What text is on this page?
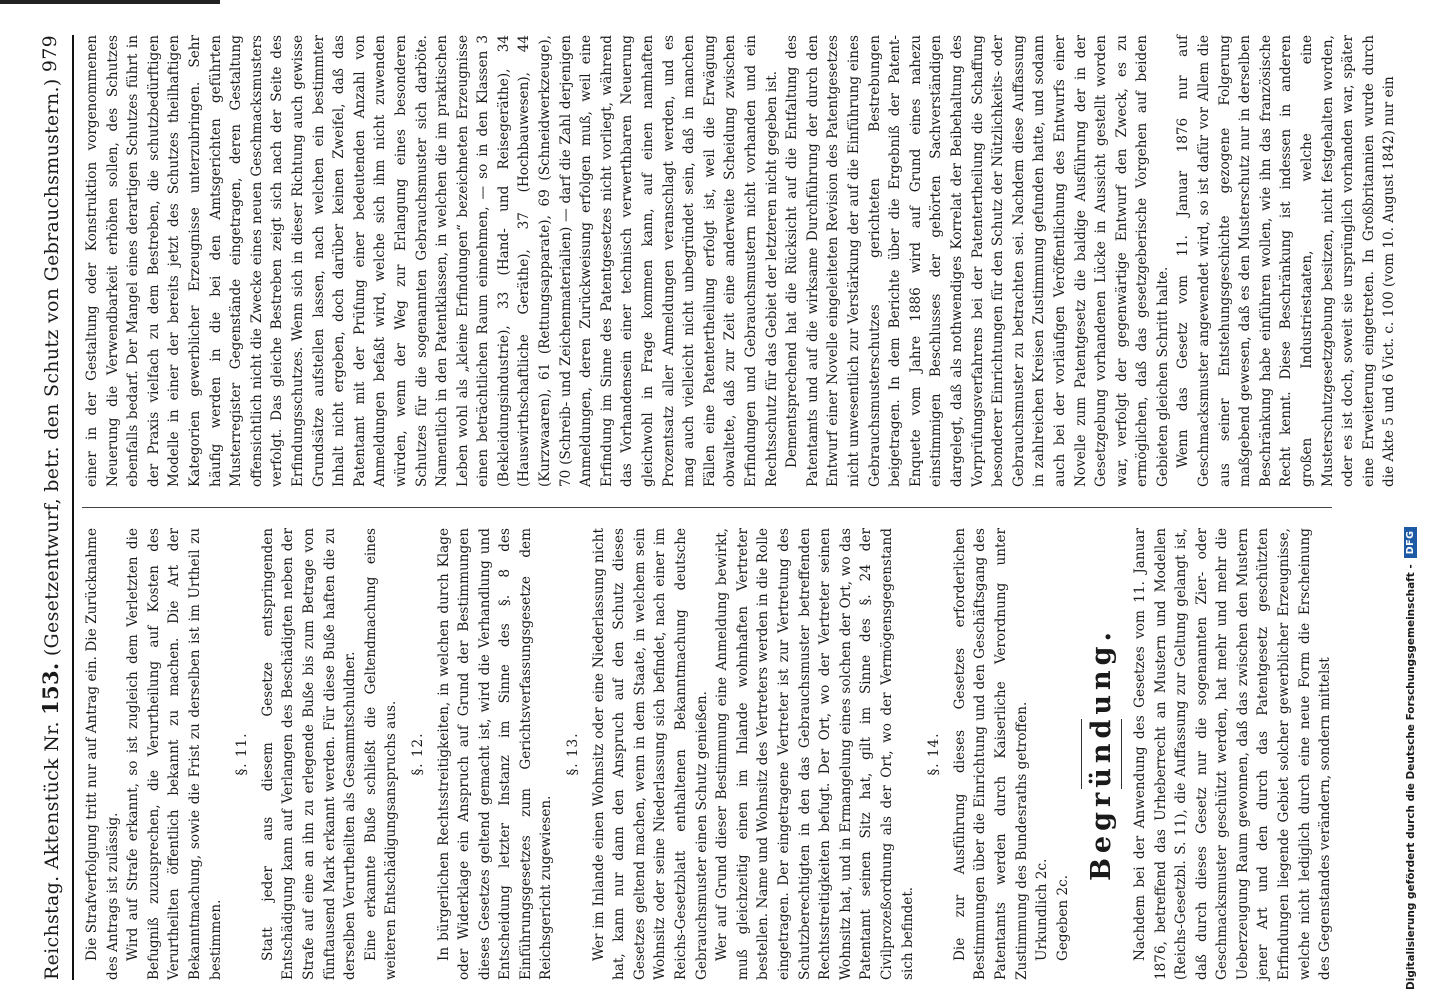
Reichstag. Aktenstück Nr. 153. (Gesetzentwurf, betr. den Schutz von Gebrauchsmustern.)
979

Die Strafverfolgung tritt nur auf Antrag ein. Die Zurücknahme des Antrags ist zulässig. Wird auf Strafe erkannt, so ist zugleich dem Verletzten die Befugniß zuzusprechen, die Verurtheilung auf Kosten des Verurtheilten öffentlich bekannt zu machen. Die Art der Bekanntmachung, sowie die Frist zu derselben ist im Urtheil zu bestimmen.

§. 11. Statt jeder aus diesem Gesetze entspringenden Entschädigung kann auf Verlangen des Beschädigten neben der Strafe auf eine an ihn zu erlegende Buße bis zum Betrage von fünftausend Mark erkannt werden. Für diese Buße haften die zu derselben Verurtheilten als Gesammtschuldner. Eine erkannte Buße schließt die Geltendmachung eines weiteren Entschädigungsanspruchs aus. §. 12. In bürgerlichen Rechtsstreitigkeiten, in welchen durch Klage oder Widerklage ein Anspruch auf Grund der Bestimmungen dieses Gesetzes geltend gemacht ist, wird die Verhandlung und Entscheidung letzter Instanz im Sinne des §. 8 des Einführungsgesetzes zum Gerichtsverfassungsgesetze dem Reichsgericht zugewiesen.

§. 13. Wer im Inlande einen Wohnsitz oder eine Niederlassung nicht hat, kann nur dann den Anspruch auf den Schutz dieses Gesetzes geltend machen, wenn in dem Staate, in welchem sein Wohnsitz oder seine Niederlassung sich befindet, nach einer im Reichs-Gesetzblatt enthaltenen Bekanntmachung deutsche Gebrauchsmuster einen Schutz genießen. Wer auf Grund dieser Bestimmung eine Anmeldung bewirkt, muß gleichzeitig einen im Inlande wohnhaften Vertreter bestellen. Name und Wohnsitz des Vertreters werden in die Rolle eingetragen. Der eingetragene Vertreter ist zur Vertretung des Schutzberechtigten in den das Gebrauchsmuster betreffenden Rechtsstreitigkeiten befugt. Der Ort, wo der Vertreter seinen Wohnsitz hat, und in Ermangelung eines solchen der Ort, wo das Patentamt seinen Sitz hat, gilt im Sinne des §. 24 der Civilprozeßordnung als der Ort, wo der Vermögensgegenstand sich befindet.

§. 14. Die zur Ausführung dieses Gesetzes erforderlichen Bestimmungen über die Einrichtung und den Geschäftsgang des Patentamts werden durch Kaiserliche Verordnung unter Zustimmung des Bundesraths getroffen. Urkundlich 2c. Gegeben 2c.

Begründung. Nachdem bei der Anwendung des Gesetzes vom 11. Januar 1876, betreffend das Urheberrecht an Mustern und Modellen (Reichs-Gesetzbl. S. 11), die Auffassung zur Geltung gelangt ist, daß durch dieses Gesetz nur die sogenannten Zier- oder Geschmacksmuster geschützt werden, hat mehr und mehr die Ueberzeugung Raum gewonnen, daß das zwischen den Mustern jener Art und den durch das Patentgesetz geschützten Erfindungen liegende Gebiet solcher gewerblicher Erzeugnisse, welche nicht lediglich durch eine neue Form die Erscheinung des Gegenstandes verändern, sondern mittelst

einer in der Gestaltung oder Konstruktion vorgenommenen Neuerung die Verwendbarkeit erhöhen sollen, des Schutzes ebenfalls bedarf. Der Mangel eines derartigen Schutzes führt in der Praxis vielfach zu dem Bestreben, die schutzbedürftigen Modelle in einer der bereits jetzt des Schutzes theilhaftigen Kategorien gewerblicher Erzeugnisse unterzubringen. Sehr häufig werden in die bei den Amtsgerichten geführten Musterregister Gegenstände eingetragen, deren Gestaltung offensichtlich nicht die Zwecke eines neuen Geschmacksmusters verfolgt. Das gleiche Bestreben zeigt sich nach der Seite des Erfindungsschutzes. Wenn sich in dieser Richtung auch gewisse Grundsätze aufstellen lassen, nach welchen ein bestimmter Inhalt nicht ergeben, doch darüber keinen Zweifel, daß das Patentamt mit der Prüfung einer bedeutenden Anzahl von Anmeldungen befaßt wird, welche sich ihm nicht zuwenden würden, wenn der Weg zur Erlangung eines besonderen Schutzes für die sogenannten Gebrauchsmuster sich darböte. Namentlich in den Patentklassen, in welchen die im praktischen Leben wohl als „kleine Erfindungen“ bezeichneten Erzeugnisse einen beträchtlichen Raum einnehmen, — so in den Klassen 3 (Bekleidungsindustrie), 33 (Hand- und Reisegeräthe), 34 (Hauswirthschaftliche Geräthe), 37 (Hochbauwesen), 44 (Kurzwaaren), 61 (Rettungsapparate), 69 (Schneidwerkzeuge), 70 (Schreib- und Zeichenmaterialien) — darf die Zahl derjenigen Anmeldungen, deren Zurückweisung erfolgen muß, weil eine Erfindung im Sinne des Patentgesetzes nicht vorliegt, während das Vorhandensein einer technisch verwerthbaren Neuerung gleichwohl in Frage kommen kann, auf einen namhaften Prozentsatz aller Anmeldungen veranschlagt werden, und es mag auch vielleicht nicht unbegründet sein, daß in manchen Fällen eine Patentertheilung erfolgt ist, weil die Erwägung obwaltete, daß zur Zeit eine anderweite Scheidung zwischen Erfindungen und Gebrauchsmustern nicht vorhanden und ein Rechtsschutz für das Gebiet der letzteren nicht gegeben ist. Dementsprechend hat die Rücksicht auf die Entfaltung des Patentamts und auf die wirksame Durchführung der durch den Entwurf einer Novelle eingeleiteten Revision des Patentgesetzes nicht unwesentlich zur Verstärkung der auf die Einführung eines Gebrauchsmusterschutzes gerichteten Bestrebungen beigetragen. In dem Berichte über die Ergebniß der Patent-Enquete vom Jahre 1886 wird auf Grund eines nahezu einstimmigen Beschlusses der gehörten Sachverständigen dargelegt, daß als nothwendiges Korrelat der Beibehaltung des Vorprüfungsverfahrens bei der Patentertheilung die Schaffung besonderer Einrichtungen für den Schutz der Nützlichkeits- oder Gebrauchsmuster zu betrachten sei. Nachdem diese Auffassung in zahlreichen Kreisen Zustimmung gefunden hatte, und sodann auch bei der vorläufigen Veröffentlichung des Entwurfs einer Novelle zum Patentgesetz die baldige Ausführung der in der Gesetzgebung vorhandenen Lücke in Aussicht gestellt worden war, verfolgt der gegenwärtige Entwurf den Zweck, es zu ermöglichen, daß das gesetzgeberische Vorgehen auf beiden Gebieten gleichen Schritt halte. Wenn das Gesetz vom 11. Januar 1876 nur auf Geschmacksmuster angewendet wird, so ist dafür vor Allem die aus seiner Entstehungsgeschichte gezogene Folgerung maßgebend gewesen, daß es den Musterschutz nur in derselben Beschränkung habe einführen wollen, wie ihn das französische Recht kennt. Diese Beschränkung ist indessen in anderen großen Industriestaaten, welche eine Musterschutzgesetzgebung besitzen, nicht festgehalten worden, oder es ist doch, soweit sie ursprünglich vorhanden war, später eine Erweiterung eingetreten. In Großbritannien wurde durch die Akte 5 und 6 Vict. c. 100 (vom 10. August 1842) nur ein

Digitalisierung gefördert durch die Deutsche Forschungsgemeinschaft -
DFG
